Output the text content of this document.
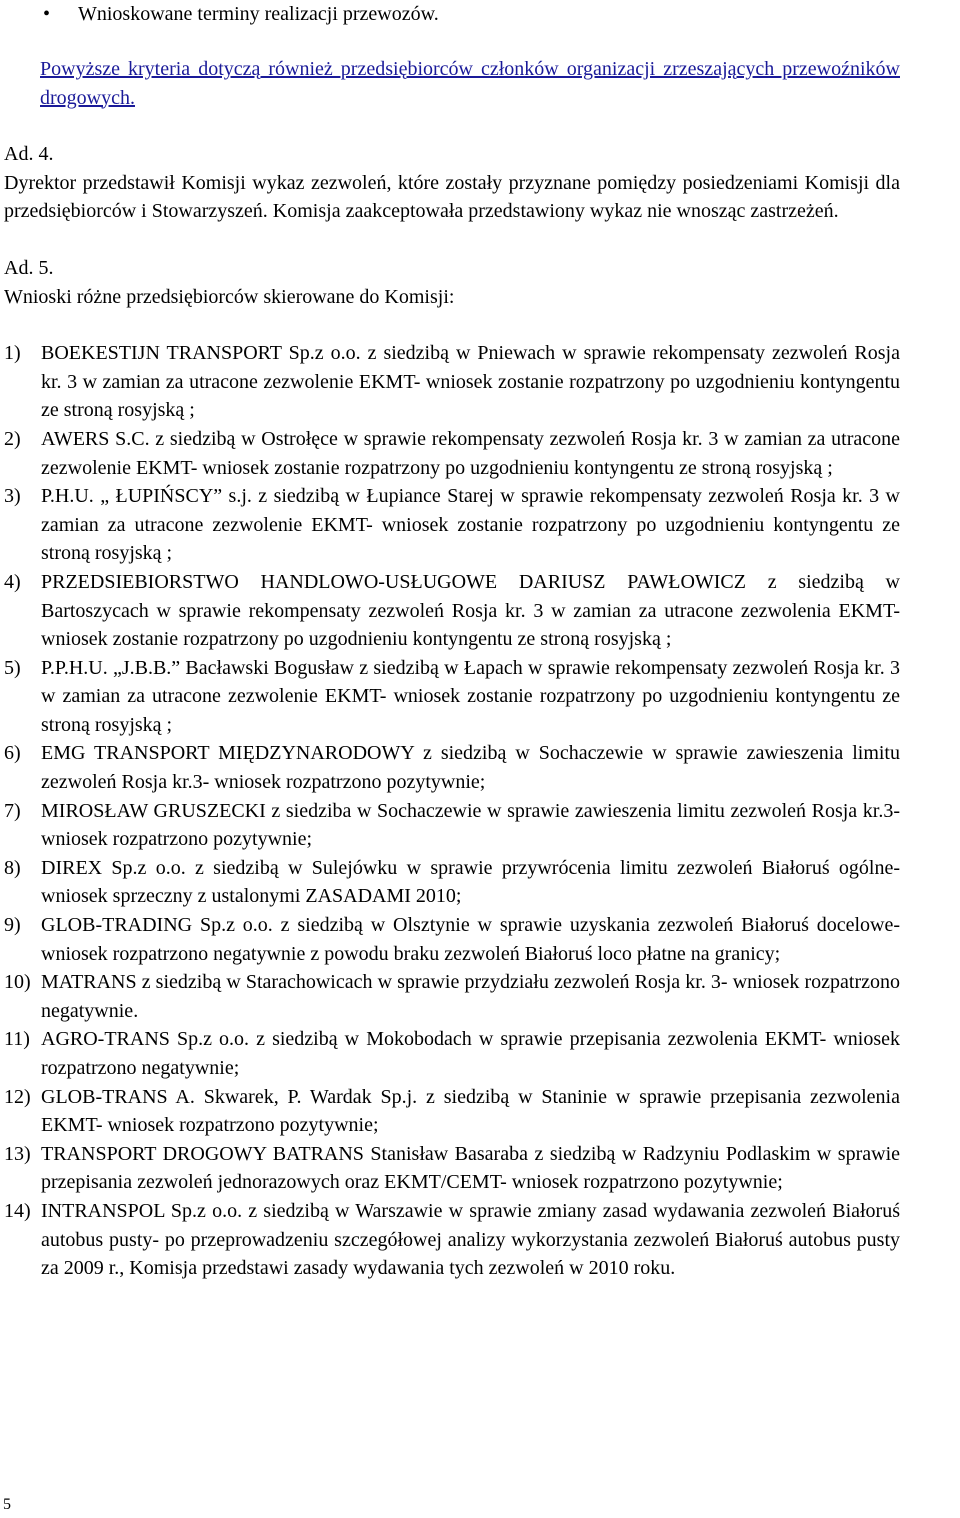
• Wnioskowane terminy realizacji przewozów.

Powyższe kryteria dotyczą również przedsiębiorców członków organizacji zrzeszających przewoźników drogowych.

Ad. 4.

Dyrektor przedstawił Komisji wykaz zezwoleń, które zostały przyznane pomiędzy posiedzeniami Komisji dla przedsiębiorców i Stowarzyszeń. Komisja zaakceptowała przedstawiony wykaz nie wnosząc zastrzeżeń.

Ad. 5.

Wnioski różne przedsiębiorców skierowane do Komisji:

1) BOEKESTIJN TRANSPORT Sp.z o.o. z siedzibą w Pniewach w sprawie rekompensaty zezwoleń Rosja kr. 3 w zamian za utracone zezwolenie EKMT- wniosek zostanie rozpatrzony po uzgodnieniu kontyngentu ze stroną rosyjską ;
2) AWERS S.C. z siedzibą w Ostrołęce w sprawie rekompensaty zezwoleń Rosja kr. 3 w zamian za utracone zezwolenie EKMT- wniosek zostanie rozpatrzony po uzgodnieniu kontyngentu ze stroną rosyjską ;
3) P.H.U. „ ŁUPIŃSCY” s.j. z siedzibą w Łupiance Starej w sprawie rekompensaty zezwoleń Rosja kr. 3 w zamian za utracone zezwolenie EKMT- wniosek zostanie rozpatrzony po uzgodnieniu kontyngentu ze stroną rosyjską ;
4) PRZEDSIEBIORSTWO HANDLOWO-USŁUGOWE DARIUSZ PAWŁOWICZ z siedzibą w Bartoszycach w sprawie rekompensaty zezwoleń Rosja kr. 3 w zamian za utracone zezwolenia EKMT- wniosek zostanie rozpatrzony po uzgodnieniu kontyngentu ze stroną rosyjską ;
5) P.P.H.U. „J.B.B.” Bacławski Bogusław z siedzibą w Łapach w sprawie rekompensaty zezwoleń Rosja kr. 3 w zamian za utracone zezwolenie EKMT- wniosek zostanie rozpatrzony po uzgodnieniu kontyngentu ze stroną rosyjską ;
6) EMG TRANSPORT MIĘDZYNARODOWY z siedzibą w Sochaczewie w sprawie zawieszenia limitu zezwoleń Rosja kr.3- wniosek rozpatrzono pozytywnie;
7) MIROSŁAW GRUSZECKI z siedziba w Sochaczewie w sprawie zawieszenia limitu zezwoleń Rosja kr.3- wniosek rozpatrzono pozytywnie;
8) DIREX Sp.z o.o. z siedzibą w Sulejówku w sprawie przywrócenia limitu zezwoleń Białoruś ogólne- wniosek sprzeczny z ustalonymi ZASADAMI 2010;
9) GLOB-TRADING Sp.z o.o. z siedzibą w Olsztynie w sprawie uzyskania zezwoleń Białoruś docelowe-wniosek rozpatrzono negatywnie z powodu braku zezwoleń Białoruś loco płatne na granicy;
10) MATRANS z siedzibą w Starachowicach w sprawie przydziału zezwoleń Rosja kr. 3- wniosek rozpatrzono negatywnie.
11) AGRO-TRANS Sp.z o.o. z siedzibą w Mokobodach w sprawie przepisania zezwolenia EKMT- wniosek rozpatrzono negatywnie;
12) GLOB-TRANS A. Skwarek, P. Wardak Sp.j. z siedzibą w Staninie w sprawie przepisania zezwolenia EKMT- wniosek rozpatrzono pozytywnie;
13) TRANSPORT DROGOWY BATRANS Stanisław Basaraba z siedzibą w Radzyniu Podlaskim w sprawie przepisania zezwoleń jednorazowych oraz EKMT/CEMT- wniosek rozpatrzono pozytywnie;
14) INTRANSPOL Sp.z o.o. z siedzibą w Warszawie w sprawie zmiany zasad wydawania zezwoleń Białoruś autobus pusty- po przeprowadzeniu szczegółowej analizy wykorzystania zezwoleń Białoruś autobus pusty za 2009 r., Komisja przedstawi zasady wydawania tych zezwoleń w 2010 roku.
5
